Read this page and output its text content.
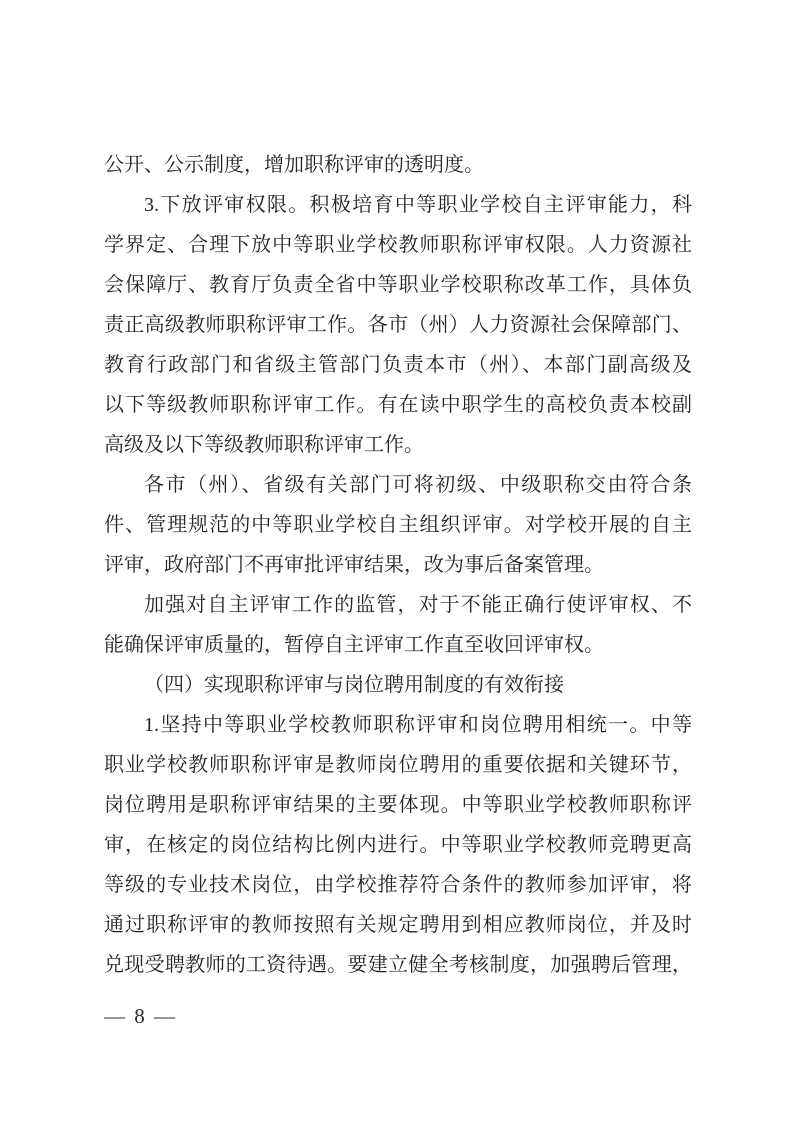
公开、公示制度，增加职称评审的透明度。
3.下放评审权限。积极培育中等职业学校自主评审能力，科
学界定、合理下放中等职业学校教师职称评审权限。人力资源社
会保障厅、教育厅负责全省中等职业学校职称改革工作，具体负
责正高级教师职称评审工作。各市（州）人力资源社会保障部门、
教育行政部门和省级主管部门负责本市（州）、本部门副高级及
以下等级教师职称评审工作。有在读中职学生的高校负责本校副
高级及以下等级教师职称评审工作。
各市（州）、省级有关部门可将初级、中级职称交由符合条
件、管理规范的中等职业学校自主组织评审。对学校开展的自主
评审，政府部门不再审批评审结果，改为事后备案管理。
加强对自主评审工作的监管，对于不能正确行使评审权、不
能确保评审质量的，暂停自主评审工作直至收回评审权。
（四）实现职称评审与岗位聘用制度的有效衔接
1.坚持中等职业学校教师职称评审和岗位聘用相统一。中等
职业学校教师职称评审是教师岗位聘用的重要依据和关键环节，
岗位聘用是职称评审结果的主要体现。中等职业学校教师职称评
审，在核定的岗位结构比例内进行。中等职业学校教师竞聘更高
等级的专业技术岗位，由学校推荐符合条件的教师参加评审，将
通过职称评审的教师按照有关规定聘用到相应教师岗位，并及时
兑现受聘教师的工资待遇。要建立健全考核制度，加强聘后管理，
— 8 —
